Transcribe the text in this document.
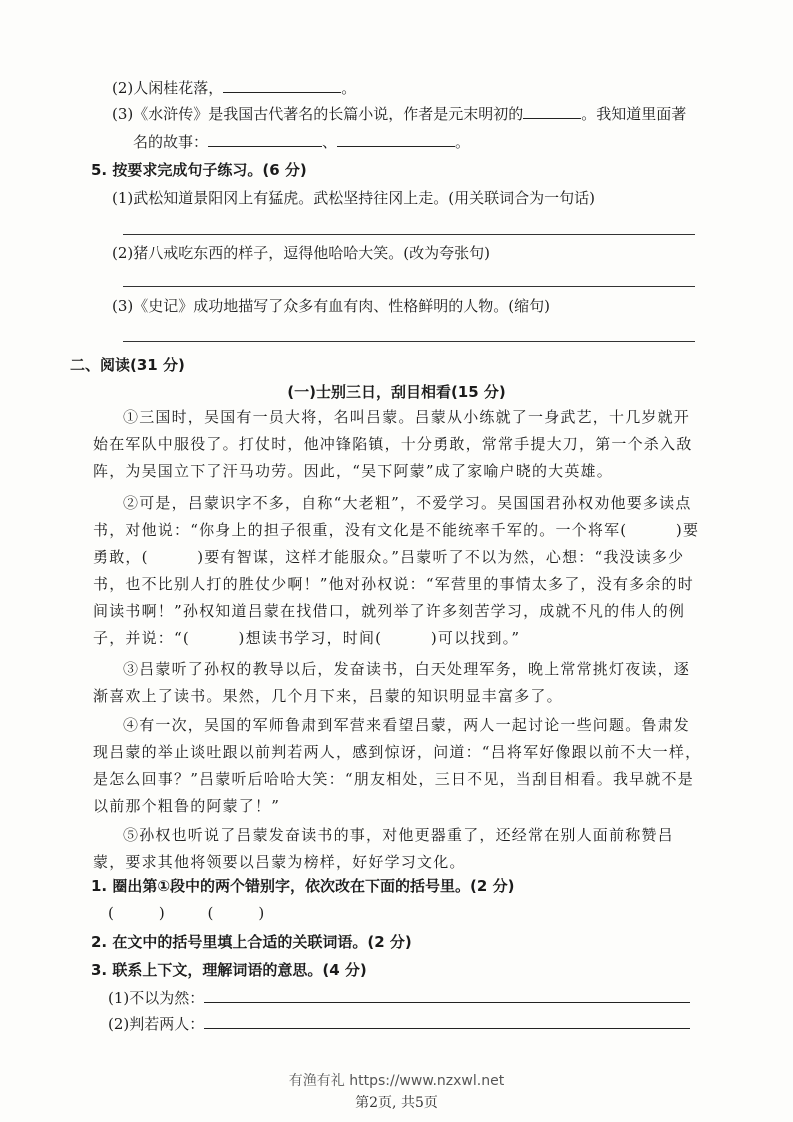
(2)人闲桂花落，	。
(3)《水浒传》是我国古代著名的长篇小说，作者是元末明初的	。我知道里面著
名的故事：	、	。
5. 按要求完成句子练习。(6 分)
(1)武松知道景阳冈上有猛虎。武松坚持往冈上走。(用关联词合为一句话)
(2)猪八戒吃东西的样子，逗得他哈哈大笑。(改为夸张句)
(3)《史记》成功地描写了众多有血有肉、性格鲜明的人物。(缩句)
二、阅读(31 分)
(一)士别三日，刮目相看(15 分)
①三国时，吴国有一员大将，名叫吕蒙。吕蒙从小练就了一身武艺，十几岁就开始在军队中服役了。打仗时，他冲锋陷镇，十分勇敢，常常手提大刀，第一个杀入敌阵，为吴国立下了汗马功劳。因此，“吴下阿蒙”成了家喻户晓的大英雄。
②可是，吕蒙识字不多，自称“大老粗”，不爱学习。吴国国君孙权劝他要多读点书，对他说：“你身上的担子很重，没有文化是不能统率千军的。一个将军(　　　)要勇敢，(　　　)要有智谋，这样才能服众。”吕蒙听了不以为然，心想：“我没读多少书，也不比别人打的胜仗少啊！”他对孙权说：“军营里的事情太多了，没有多余的时间读书啊！”孙权知道吕蒙在找借口，就列举了许多刻苦学习，成就不凡的伟人的例子，并说：“(　　　)想读书学习，时间(　　　)可以找到。”
③吕蒙听了孙权的教导以后，发奋读书，白天处理军务，晚上常常挑灯夜读，逐渐喜欢上了读书。果然，几个月下来，吕蒙的知识明显丰富多了。
④有一次，吴国的军师鲁肃到军营来看望吕蒙，两人一起讨论一些问题。鲁肃发现吕蒙的举止谈吐跟以前判若两人，感到惊讶，问道：“吕将军好像跟以前不大一样，是怎么回事？”吕蒙听后哈哈大笑：“朋友相处，三日不见，当刮目相看。我早就不是以前那个粗鲁的阿蒙了！”
⑤孙权也听说了吕蒙发奋读书的事，对他更器重了，还经常在别人面前称赞吕蒙，要求其他将领要以吕蒙为榜样，好好学习文化。
1. 圈出第①段中的两个错别字，依次改在下面的括号里。(2 分)
(　　　)	(　　　)
2. 在文中的括号里填上合适的关联词语。(2 分)
3. 联系上下文，理解词语的意思。(4 分)
(1)不以为然：
(2)判若两人：
有渔有礼 https://www.nzxwl.net
第2页, 共5页
